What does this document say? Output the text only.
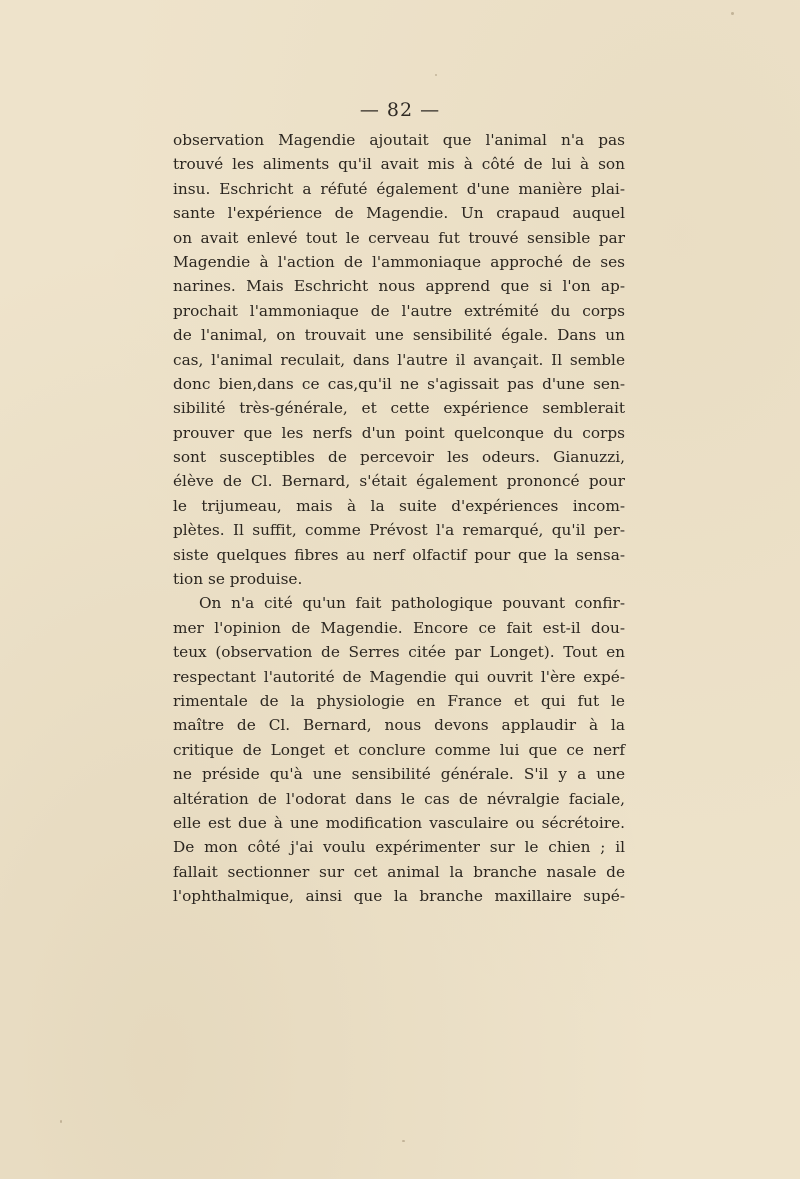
— 82 —
observation Magendie ajoutait que l'animal n'a pas
trouvé les aliments qu'il avait mis à côté de lui à son
insu. Eschricht a réfuté également d'une manière plai-
sante l'expérience de Magendie. Un crapaud auquel
on avait enlevé tout le cerveau fut trouvé sensible par
Magendie à l'action de l'ammoniaque approché de ses
narines. Mais Eschricht nous apprend que si l'on ap-
prochait l'ammoniaque de l'autre extrémité du corps
de l'animal, on trouvait une sensibilité égale. Dans un
cas, l'animal reculait, dans l'autre il avançait. Il semble
donc bien,dans ce cas,qu'il ne s'agissait pas d'une sen-
sibilité très-générale, et cette expérience semblerait
prouver que les nerfs d'un point quelconque du corps
sont susceptibles de percevoir les odeurs. Gianuzzi,
élève de Cl. Bernard, s'était également prononcé pour
le trijumeau, mais à la suite d'expériences incom-
plètes. Il suffit, comme Prévost l'a remarqué, qu'il per-
siste quelques fibres au nerf olfactif pour que la sensa-
tion se produise.
On n'a cité qu'un fait pathologique pouvant confir-
mer l'opinion de Magendie. Encore ce fait est-il dou-
teux (observation de Serres citée par Longet). Tout en
respectant l'autorité de Magendie qui ouvrit l'ère expé-
rimentale de la physiologie en France et qui fut le
maître de Cl. Bernard, nous devons applaudir à la
critique de Longet et conclure comme lui que ce nerf
ne préside qu'à une sensibilité générale. S'il y a une
altération de l'odorat dans le cas de névralgie faciale,
elle est due à une modification vasculaire ou sécrétoire.
De mon côté j'ai voulu expérimenter sur le chien ; il
fallait sectionner sur cet animal la branche nasale de
l'ophthalmique, ainsi que la branche maxillaire supé-
